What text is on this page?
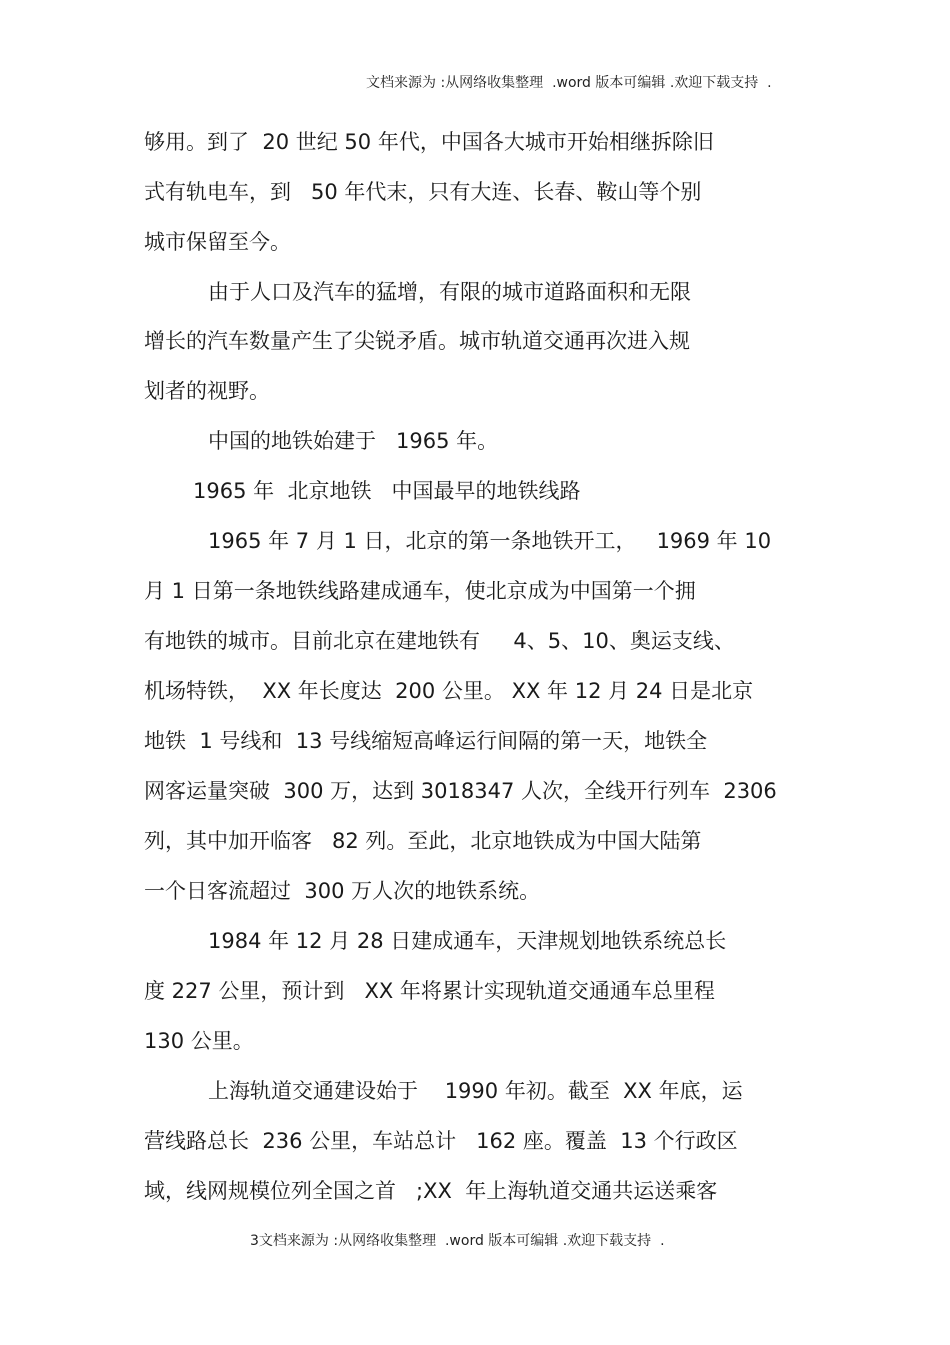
文档来源为 :从网络收集整理  .word 版本可编辑 .欢迎下载支持  .
够用。到了  20 世纪 50 年代，中国各大城市开始相继拆除旧
式有轨电车，到   50 年代末，只有大连、长春、鞍山等个别
城市保留至今。
由于人口及汽车的猛增，有限的城市道路面积和无限
增长的汽车数量产生了尖锐矛盾。城市轨道交通再次进入规
划者的视野。
中国的地铁始建于   1965 年。
1965 年  北京地铁   中国最早的地铁线路
1965 年 7 月 1 日，北京的第一条地铁开工，   1969 年 10
月 1 日第一条地铁线路建成通车，使北京成为中国第一个拥
有地铁的城市。目前北京在建地铁有     4、5、10、奥运支线、
机场特铁，  XX 年长度达  200 公里。 XX 年 12 月 24 日是北京
地铁  1 号线和  13 号线缩短高峰运行间隔的第一天，地铁全
网客运量突破  300 万，达到 3018347 人次，全线开行列车  2306
列，其中加开临客   82 列。至此，北京地铁成为中国大陆第
一个日客流超过  300 万人次的地铁系统。
1984 年 12 月 28 日建成通车，天津规划地铁系统总长
度 227 公里，预计到   XX 年将累计实现轨道交通通车总里程
130 公里。
上海轨道交通建设始于    1990 年初。截至  XX 年底，运
营线路总长  236 公里，车站总计   162 座。覆盖  13 个行政区
域，线网规模位列全国之首   ;XX  年上海轨道交通共运送乘客
3文档来源为 :从网络收集整理  .word 版本可编辑 .欢迎下载支持  .
